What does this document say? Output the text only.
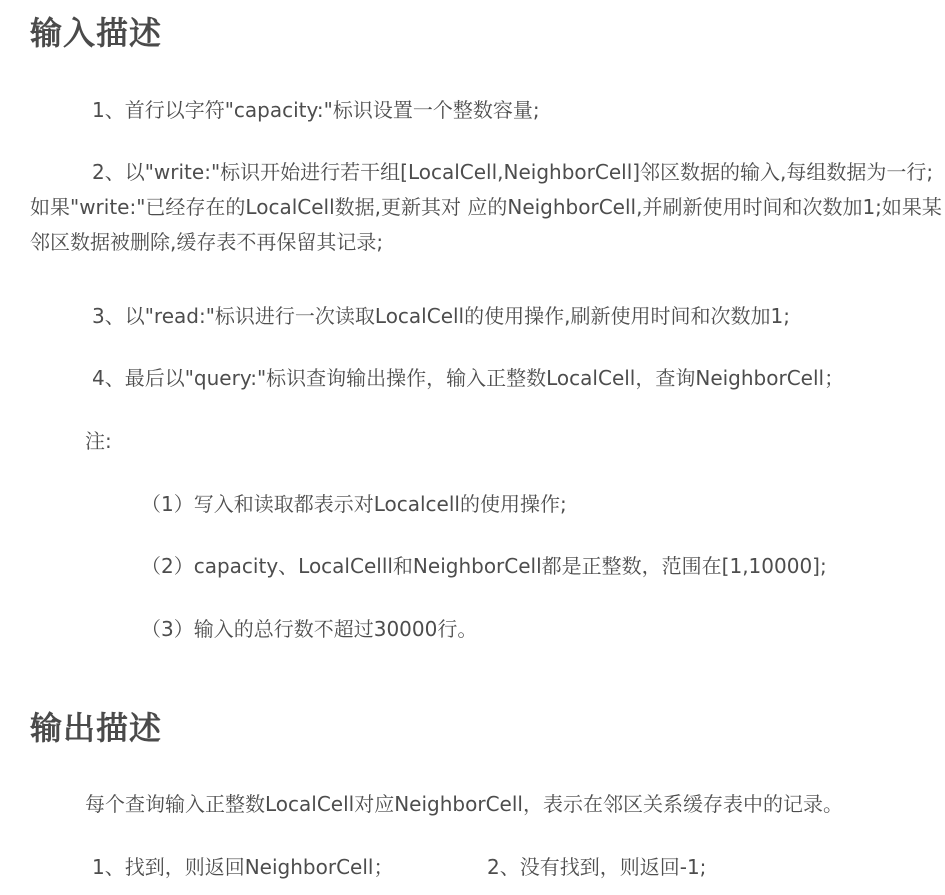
输入描述

1、首行以字符"capacity:"标识设置一个整数容量;

2、以"write:"标识开始进行若干组[LocalCell,NeighborCell]邻区数据的输入,每组数据为一行;如果"write:"已经存在的LocalCell数据,更新其对 应的NeighborCell,并刷新使用时间和次数加1;如果某邻区数据被删除,缓存表不再保留其记录;

3、以"read:"标识进行一次读取LocalCell的使用操作,刷新使用时间和次数加1;

4、最后以"query:"标识查询输出操作，输入正整数LocalCell，查询NeighborCell；

注:

（1）写入和读取都表示对Localcell的使用操作;

（2）capacity、LocalCelll和NeighborCell都是正整数，范围在[1,10000];

（3）输入的总行数不超过30000行。

输出描述

每个查询输入正整数LocalCell对应NeighborCell，表示在邻区关系缓存表中的记录。

1、找到，则返回NeighborCell；	2、没有找到，则返回-1;
